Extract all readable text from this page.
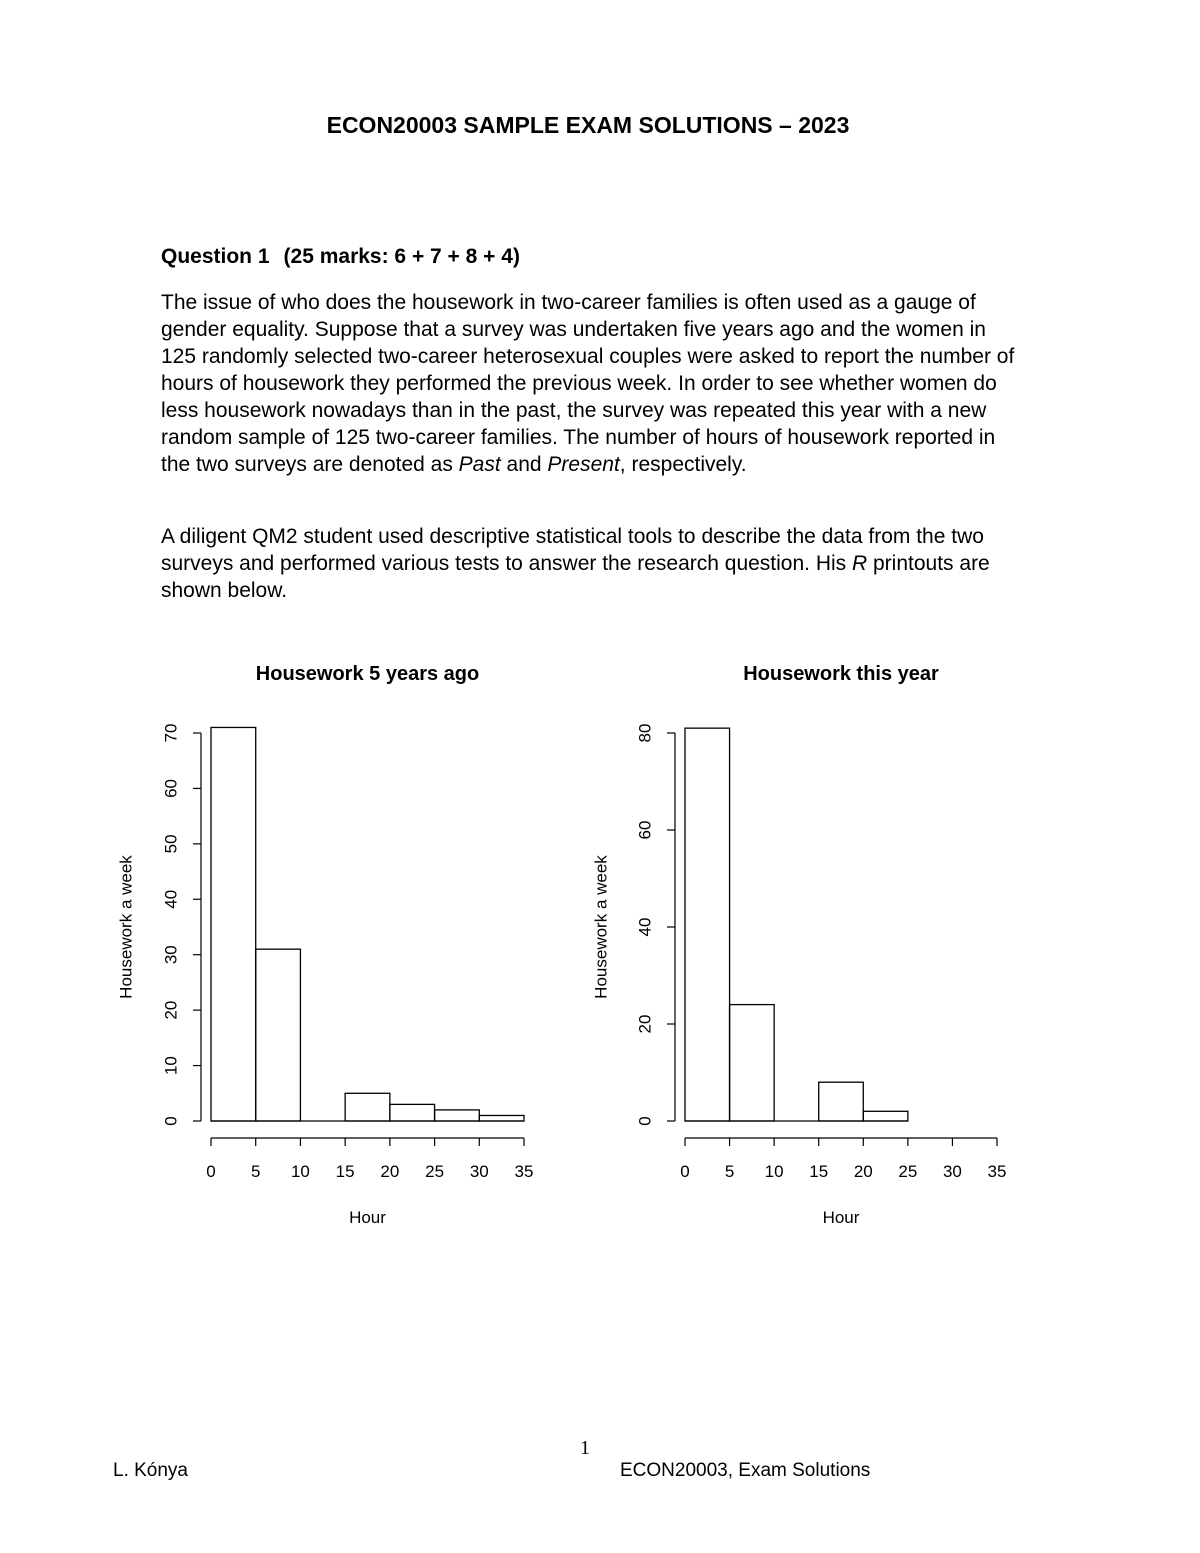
ECON20003 SAMPLE EXAM SOLUTIONS – 2023
Question 1 (25 marks: 6 + 7 + 8 + 4)

The issue of who does the housework in two-career families is often used as a gauge of gender equality. Suppose that a survey was undertaken five years ago and the women in 125 randomly selected two-career heterosexual couples were asked to report the number of hours of housework they performed the previous week. In order to see whether women do less housework nowadays than in the past, the survey was repeated this year with a new random sample of 125 two-career families. The number of hours of housework reported in the two surveys are denoted as Past and Present, respectively.

A diligent QM2 student used descriptive statistical tools to describe the data from the two surveys and performed various tests to answer the research question. His R printouts are shown below.

Housework 5 years ago
0
10
20
30
40
50
60
70
Housework a week
0 5 10 15 20 25 30 35
Hour
Housework this year
0
20
40
60
80
Housework a week
0 5 10 15 20 25 30 35
Hour
1
L. Kónya	ECON20003, Exam Solutions
